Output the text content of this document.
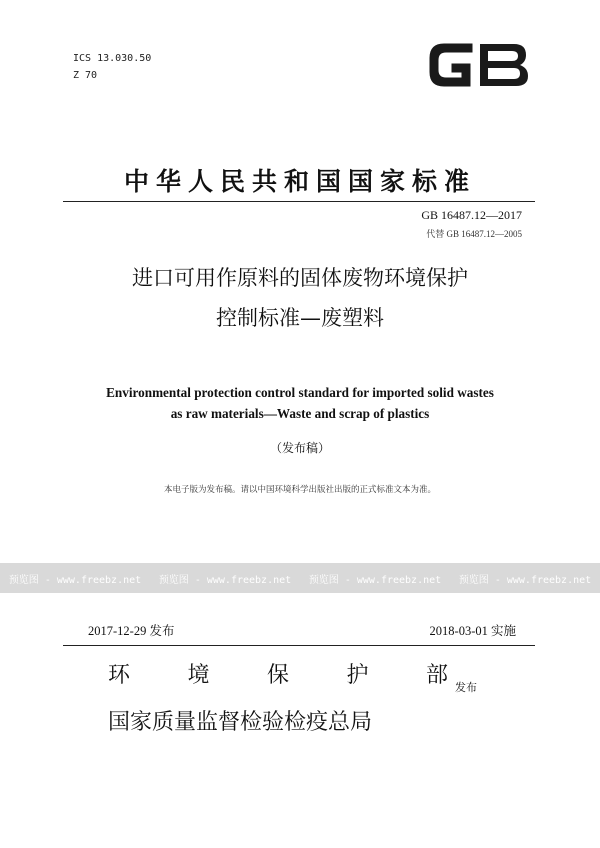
ICS 13.030.50
Z 70
中华人民共和国国家标准
GB 16487.12—2017
代替 GB 16487.12—2005
进口可用作原料的固体废物环境保护
控制标准—废塑料
Environmental protection control standard for imported solid wastes
as raw materials—Waste and scrap of plastics
（发布稿）
本电子版为发布稿。请以中国环境科学出版社出版的正式标准文本为准。
预览图 - www.freebz.net 预览图 - www.freebz.net 预览图 - www.freebz.net 预览图 - www.freebz.net
2017-12-29 发布	2018-03-01 实施
环	境	保	护	部 发布
国家质量监督检验检疫总局
